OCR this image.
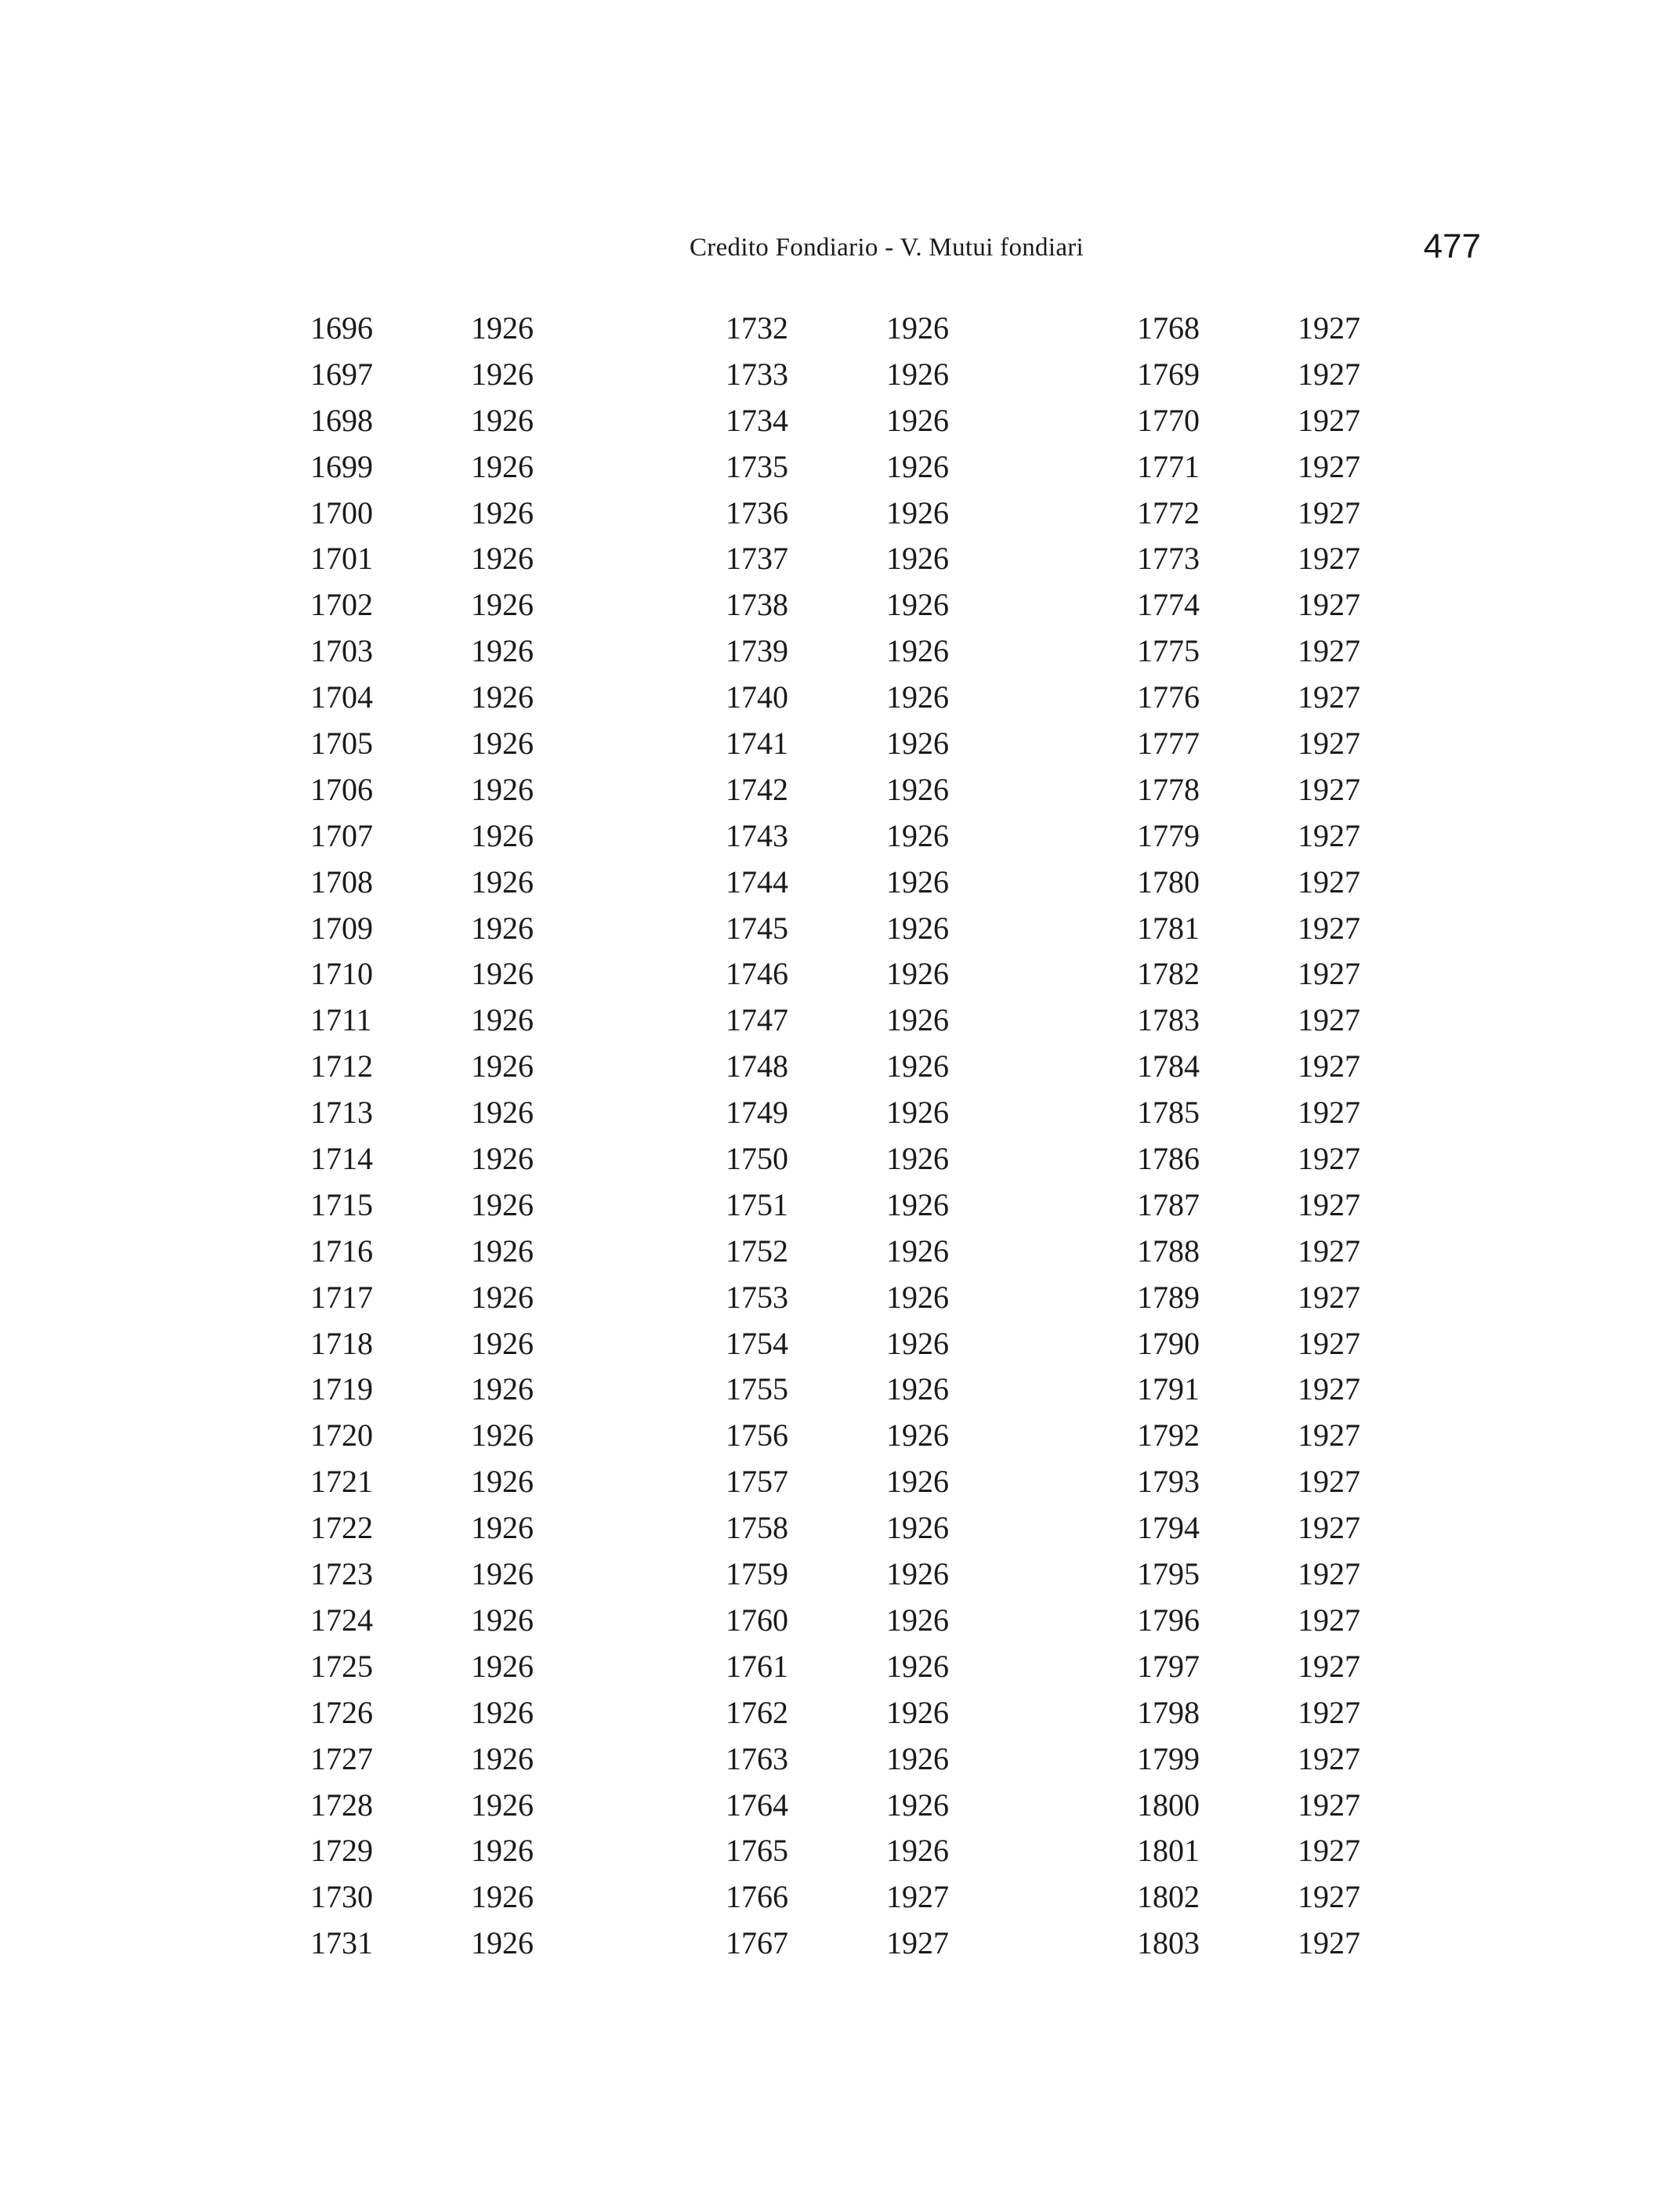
Credito Fondiario - V. Mutui fondiari	477
1696	1926
1697	1926
1698	1926
1699	1926
1700	1926
1701	1926
1702	1926
1703	1926
1704	1926
1705	1926
1706	1926
1707	1926
1708	1926
1709	1926
1710	1926
1711	1926
1712	1926
1713	1926
1714	1926
1715	1926
1716	1926
1717	1926
1718	1926
1719	1926
1720	1926
1721	1926
1722	1926
1723	1926
1724	1926
1725	1926
1726	1926
1727	1926
1728	1926
1729	1926
1730	1926
1731	1926
1732	1926
1733	1926
1734	1926
1735	1926
1736	1926
1737	1926
1738	1926
1739	1926
1740	1926
1741	1926
1742	1926
1743	1926
1744	1926
1745	1926
1746	1926
1747	1926
1748	1926
1749	1926
1750	1926
1751	1926
1752	1926
1753	1926
1754	1926
1755	1926
1756	1926
1757	1926
1758	1926
1759	1926
1760	1926
1761	1926
1762	1926
1763	1926
1764	1926
1765	1926
1766	1927
1767	1927
1768	1927
1769	1927
1770	1927
1771	1927
1772	1927
1773	1927
1774	1927
1775	1927
1776	1927
1777	1927
1778	1927
1779	1927
1780	1927
1781	1927
1782	1927
1783	1927
1784	1927
1785	1927
1786	1927
1787	1927
1788	1927
1789	1927
1790	1927
1791	1927
1792	1927
1793	1927
1794	1927
1795	1927
1796	1927
1797	1927
1798	1927
1799	1927
1800	1927
1801	1927
1802	1927
1803	1927
